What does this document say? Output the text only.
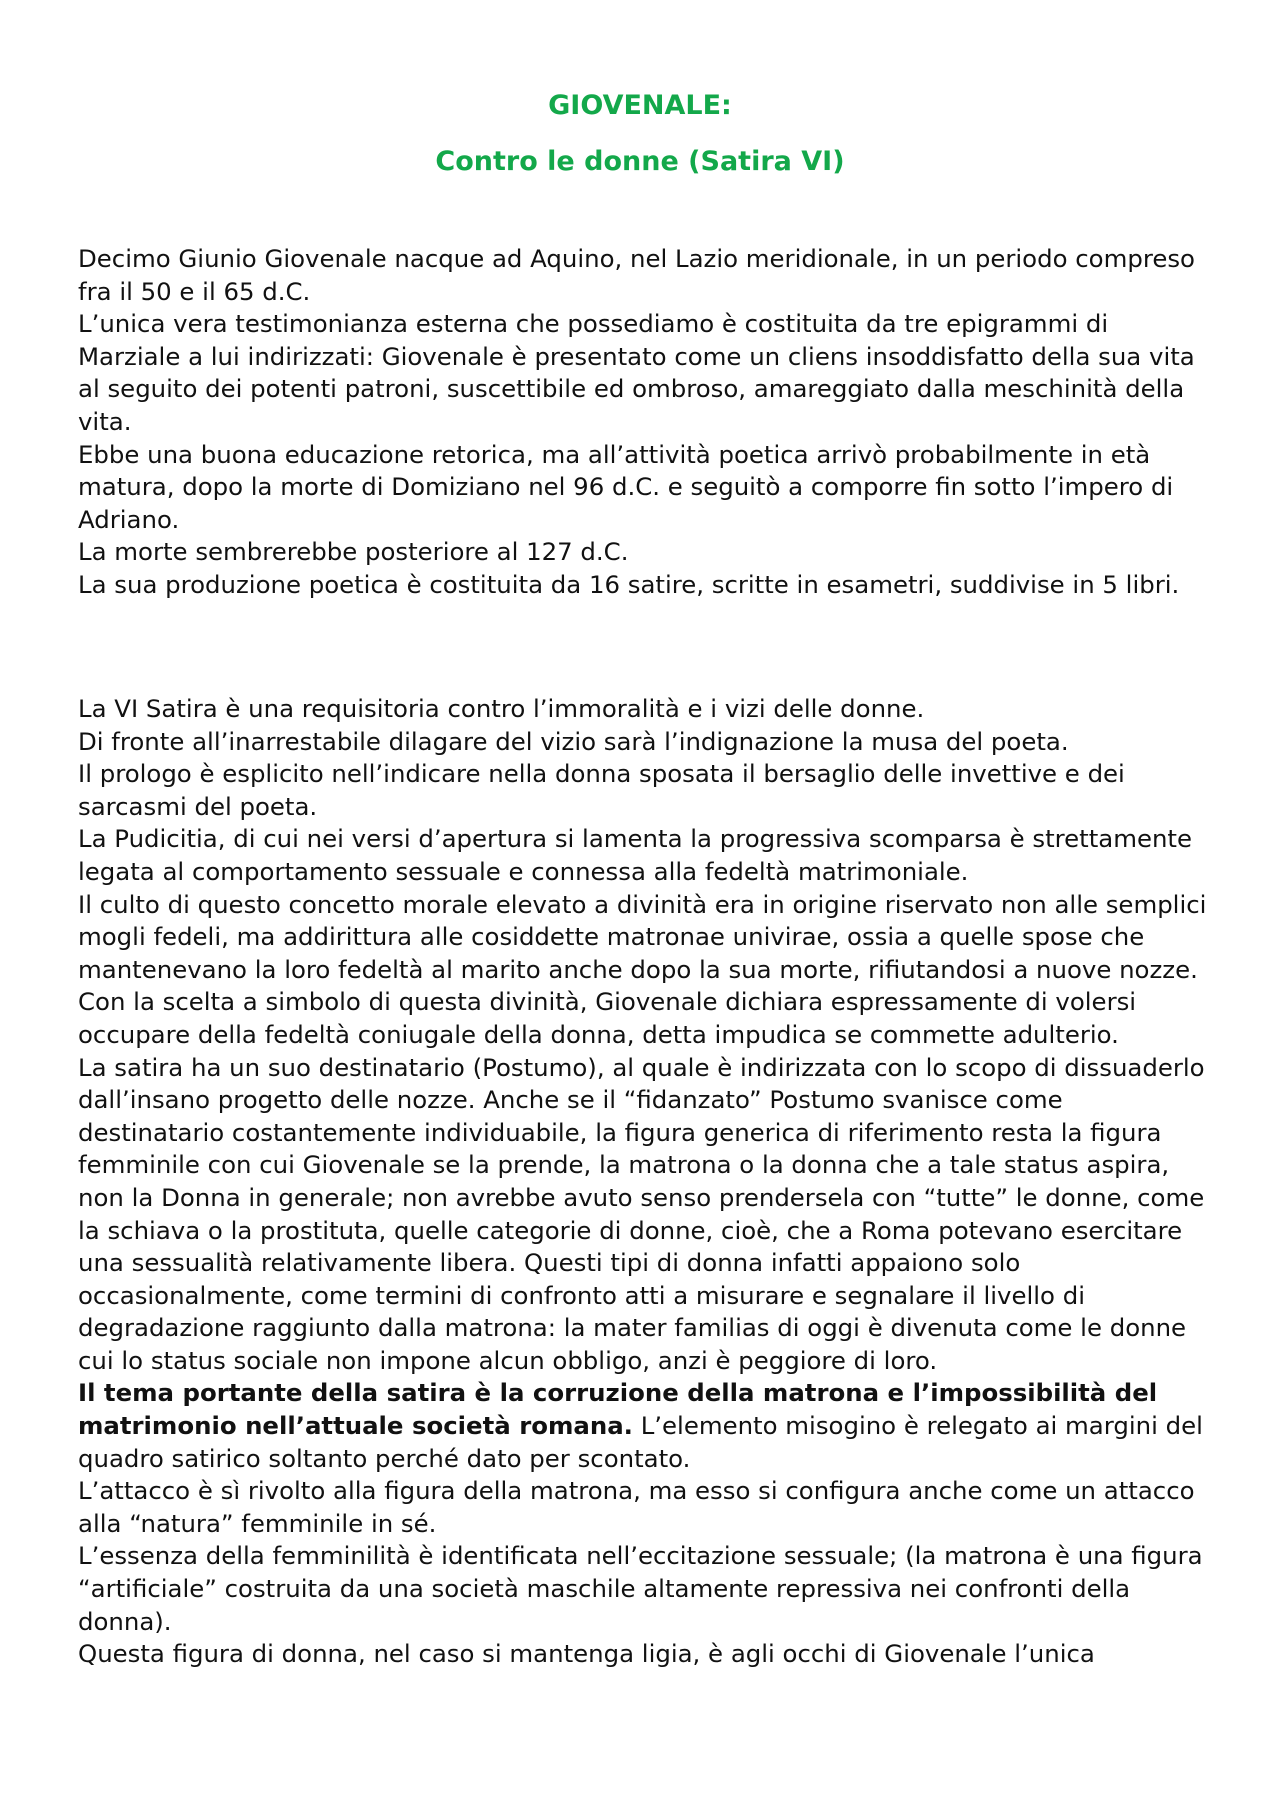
GIOVENALE:
Contro le donne (Satira VI)

Decimo Giunio Giovenale nacque ad Aquino, nel Lazio meridionale, in un periodo compreso fra il 50 e il 65 d.C.

L’unica vera testimonianza esterna che possediamo è costituita da tre epigrammi di Marziale a lui indirizzati: Giovenale è presentato come un cliens insoddisfatto della sua vita al seguito dei potenti patroni, suscettibile ed ombroso, amareggiato dalla meschinità della vita.

Ebbe una buona educazione retorica, ma all’attività poetica arrivò probabilmente in età matura, dopo la morte di Domiziano nel 96 d.C. e seguitò a comporre fin sotto l’impero di Adriano.

La morte sembrerebbe posteriore al 127 d.C.

La sua produzione poetica è costituita da 16 satire, scritte in esametri, suddivise in 5 libri.

La VI Satira è una requisitoria contro l’immoralità e i vizi delle donne.

Di fronte all’inarrestabile dilagare del vizio sarà l’indignazione la musa del poeta.

Il prologo è esplicito nell’indicare nella donna sposata il bersaglio delle invettive e dei sarcasmi del poeta.

La Pudicitia, di cui nei versi d’apertura si lamenta la progressiva scomparsa è strettamente legata al comportamento sessuale e connessa alla fedeltà matrimoniale.

Il culto di questo concetto morale elevato a divinità era in origine riservato non alle semplici mogli fedeli, ma addirittura alle cosiddette matronae univirae, ossia a quelle spose che mantenevano la loro fedeltà al marito anche dopo la sua morte, rifiutandosi a nuove nozze.

Con la scelta a simbolo di questa divinità, Giovenale dichiara espressamente di volersi occupare della fedeltà coniugale della donna, detta impudica se commette adulterio.

La satira ha un suo destinatario (Postumo), al quale è indirizzata con lo scopo di dissuaderlo dall’insano progetto delle nozze. Anche se il “fidanzato” Postumo svanisce come destinatario costantemente individuabile, la figura generica di riferimento resta la figura femminile con cui Giovenale se la prende, la matrona o la donna che a tale status aspira, non la Donna in generale; non avrebbe avuto senso prendersela con “tutte” le donne, come la schiava o la prostituta, quelle categorie di donne, cioè, che a Roma potevano esercitare una sessualità relativamente libera. Questi tipi di donna infatti appaiono solo occasionalmente, come termini di confronto atti a misurare e segnalare il livello di degradazione raggiunto dalla matrona: la mater familias di oggi è divenuta come le donne cui lo status sociale non impone alcun obbligo, anzi è peggiore di loro.

Il tema portante della satira è la corruzione della matrona e l’impossibilità del matrimonio nell’attuale società romana. L’elemento misogino è relegato ai margini del quadro satirico soltanto perché dato per scontato.

L’attacco è sì rivolto alla figura della matrona, ma esso si configura anche come un attacco alla “natura” femminile in sé.

L’essenza della femminilità è identificata nell’eccitazione sessuale; (la matrona è una figura “artificiale” costruita da una società maschile altamente repressiva nei confronti della donna).

Questa figura di donna, nel caso si mantenga ligia, è agli occhi di Giovenale l’unica
